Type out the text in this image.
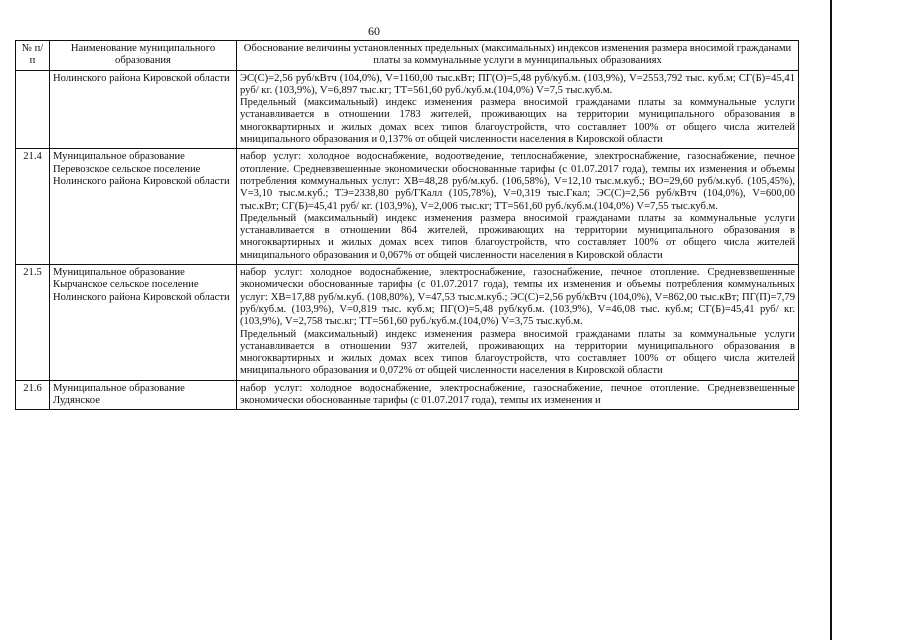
60
№ п/п	Наименование муниципального образования	Обоснование величины установленных предельных (максимальных) индексов изменения размера вносимой гражданами платы за коммунальные услуги в муниципальных образованиях
	Нолинского района Кировской области	ЭС(С)=2,56 руб/кВтч (104,0%), V=1160,00 тыс.кВт; ПГ(О)=5,48 руб/куб.м. (103,9%), V=2553,792 тыс. куб.м; СГ(Б)=45,41 руб/ кг. (103,9%), V=6,897 тыс.кг; ТТ=561,60 руб./куб.м.(104,0%) V=7,5 тыс.куб.м.

Предельный (максимальный) индекс изменения размера вносимой гражданами платы за коммунальные услуги устанавливается в отношении 1783 жителей, проживающих на территории муниципального образования в многоквартирных и жилых домах всех типов благоустройств, что составляет 100% от общего числа жителей мниципального образования и 0,137% от общей численности населения в Кировской области

21.4	Муниципальное образование Перевозское сельское поселение Нолинского района Кировской области	набор услуг: холодное водоснабжение, водоотведение, теплоснабжение, электроснабжение, газоснабжение, печное отопление. Средневзвешенные экономически обоснованные тарифы (с 01.07.2017 года), темпы их изменения и объемы потребления коммунальных услуг: ХВ=48,28 руб/м.куб. (106,58%), V=12,10 тыс.м.куб.; ВО=29,60 руб/м.куб. (105,45%), V=3,10 тыс.м.куб.; ТЭ=2338,80 руб/ГКалл (105,78%), V=0,319 тыс.Гкал; ЭС(С)=2,56 руб/кВтч (104,0%), V=600,00 тыс.кВт; СГ(Б)=45,41 руб/ кг. (103,9%), V=2,006 тыс.кг; ТТ=561,60 руб./куб.м.(104,0%) V=7,55 тыс.куб.м.

Предельный (максимальный) индекс изменения размера вносимой гражданами платы за коммунальные услуги устанавливается в отношении 864 жителей, проживающих на территории муниципального образования в многоквартирных и жилых домах всех типов благоустройств, что составляет 100% от общего числа жителей мниципального образования и 0,067% от общей численности населения в Кировской области

21.5	Муниципальное образование Кырчанское сельское поселение Нолинского района Кировской области	набор услуг: холодное водоснабжение, электроснабжение, газоснабжение, печное отопление. Средневзвешенные экономически обоснованные тарифы (с 01.07.2017 года), темпы их изменения и объемы потребления коммунальных услуг: ХВ=17,88 руб/м.куб. (108,80%), V=47,53 тыс.м.куб.; ЭС(С)=2,56 руб/кВтч (104,0%), V=862,00 тыс.кВт; ПГ(П)=7,79 руб/куб.м. (103,9%), V=0,819 тыс. куб.м; ПГ(О)=5,48 руб/куб.м. (103,9%), V=46,08 тыс. куб.м; СГ(Б)=45,41 руб/ кг. (103,9%), V=2,758 тыс.кг; ТТ=561,60 руб./куб.м.(104,0%) V=3,75 тыс.куб.м.

Предельный (максимальный) индекс изменения размера вносимой гражданами платы за коммунальные услуги устанавливается в отношении 937 жителей, проживающих на территории муниципального образования в многоквартирных и жилых домах всех типов благоустройств, что составляет 100% от общего числа жителей мниципального образования и 0,072% от общей численности населения в Кировской области

21.6	Муниципальное образование Лудянское	набор услуг: холодное водоснабжение, электроснабжение, газоснабжение, печное отопление. Средневзвешенные экономически обоснованные тарифы (с 01.07.2017 года), темпы их изменения и
